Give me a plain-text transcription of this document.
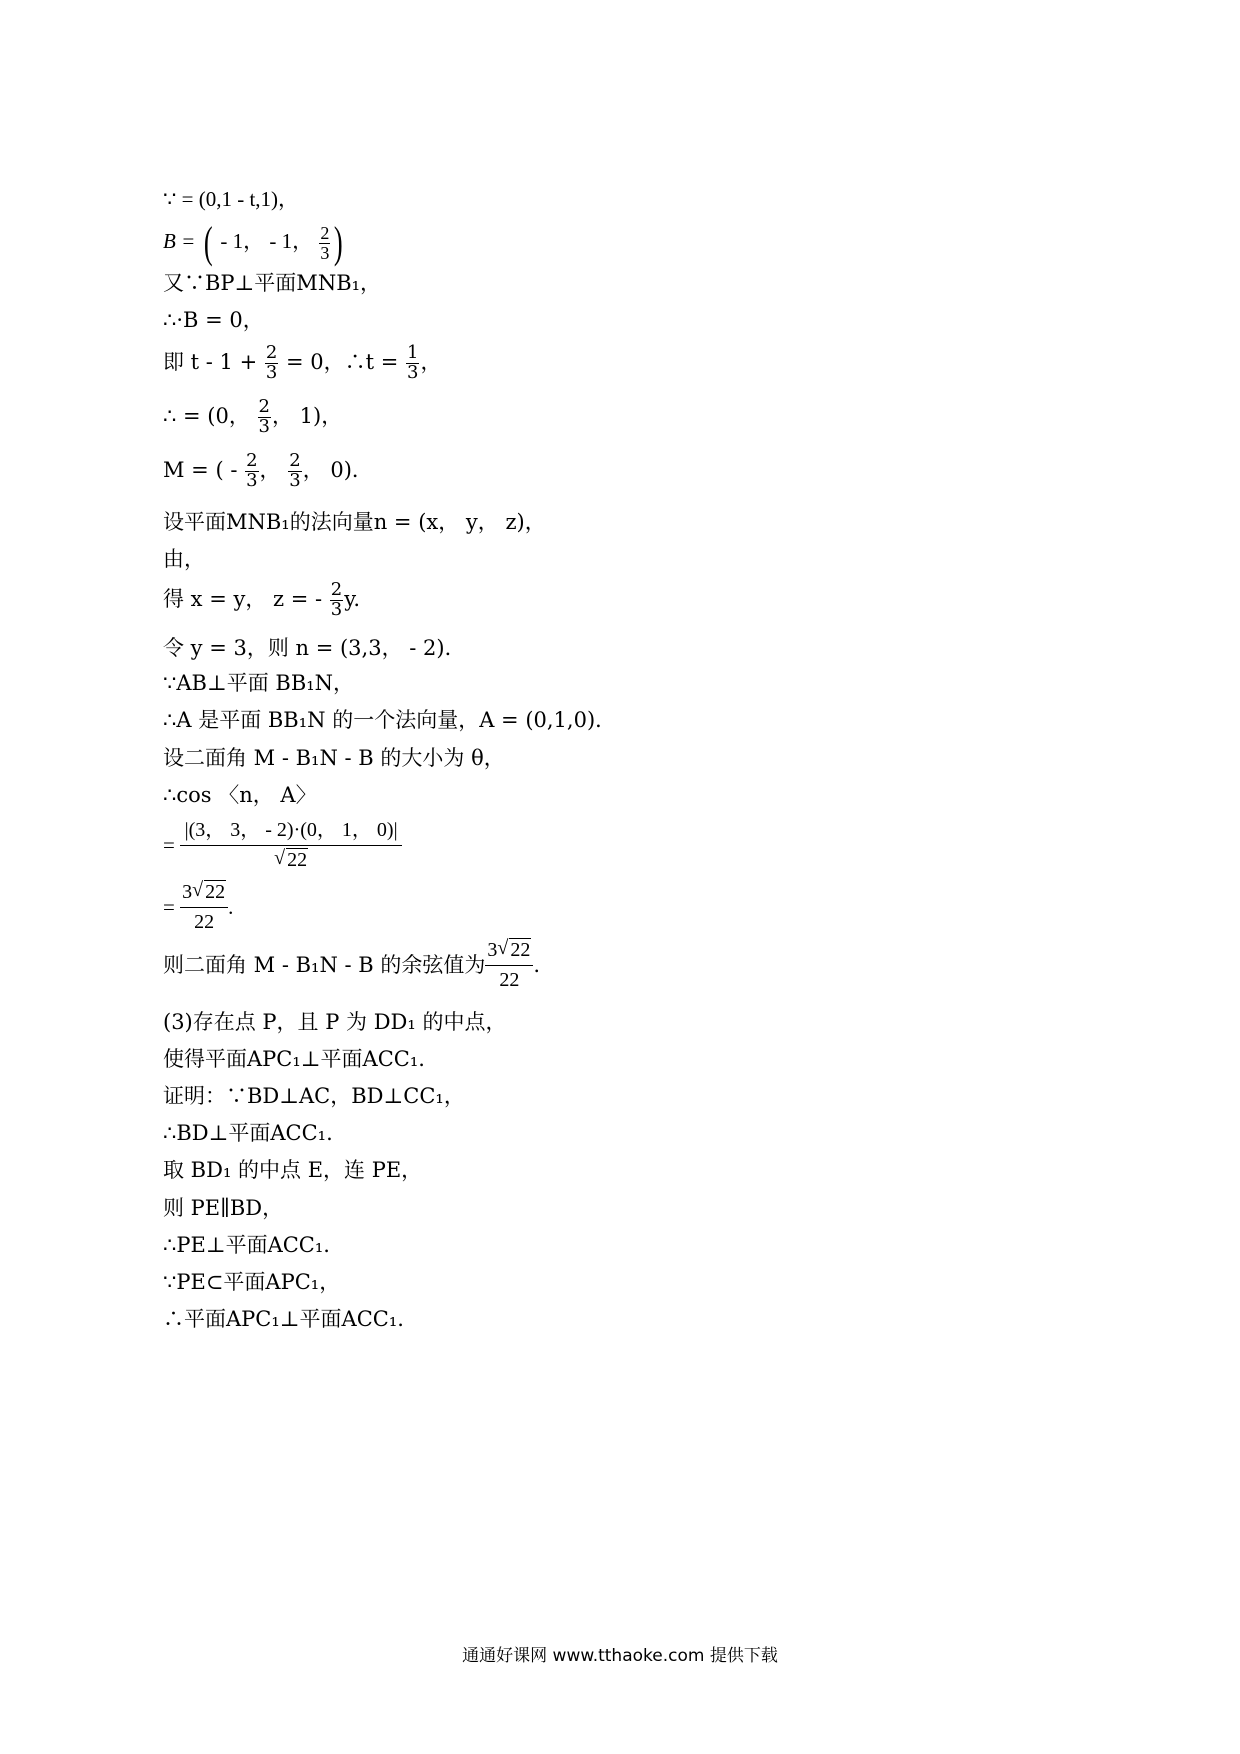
∵ = (0,1 - t,1)，
B = ( - 1， - 1， $\frac{2}{3}$ )
又∵BP⊥平面MNB₁，
∴·B = 0，
即 $t - 1 + \frac{2}{3} = 0$，∴t = $\frac{1}{3}$ ，
∴ = (0， $\frac{2}{3}$ ， 1)，
M = ( - $\frac{2}{3}$ ， $\frac{2}{3}$ ， 0)．
设平面MNB₁的法向量n = (x， y， z)，
由，
得 x = y， z = - $\frac{2}{3} y$.
令 y = 3，则 n = (3,3， - 2)．
∵AB⊥平面 BB₁N，
∴A 是平面 BB₁N 的一个法向量，A = (0,1,0)．
设二面角 M - B₁N - B 的大小为 θ，
∴cos 〈n， A〉
= $\frac{|(3, 3, - 2)\cdot(0, 1, 0)|}{√ 22}$
= $\frac{3 √ 22}{22}$ .
则二面角 M - B₁N - B 的余弦值为 $\frac{3 √ 22}{22}$ .
(3)存在点 P，且 P 为 DD₁ 的中点，
使得平面APC₁⊥平面ACC₁.
证明：∵BD⊥AC，BD⊥CC₁，
∴BD⊥平面ACC₁.
取 BD₁ 的中点 E，连 PE，
则 PE∥BD，
∴PE⊥平面ACC₁.
∵PE⊂平面APC₁，
∴平面APC₁⊥平面ACC₁.
通通好课网 www.tthaoke.com 提供下载
